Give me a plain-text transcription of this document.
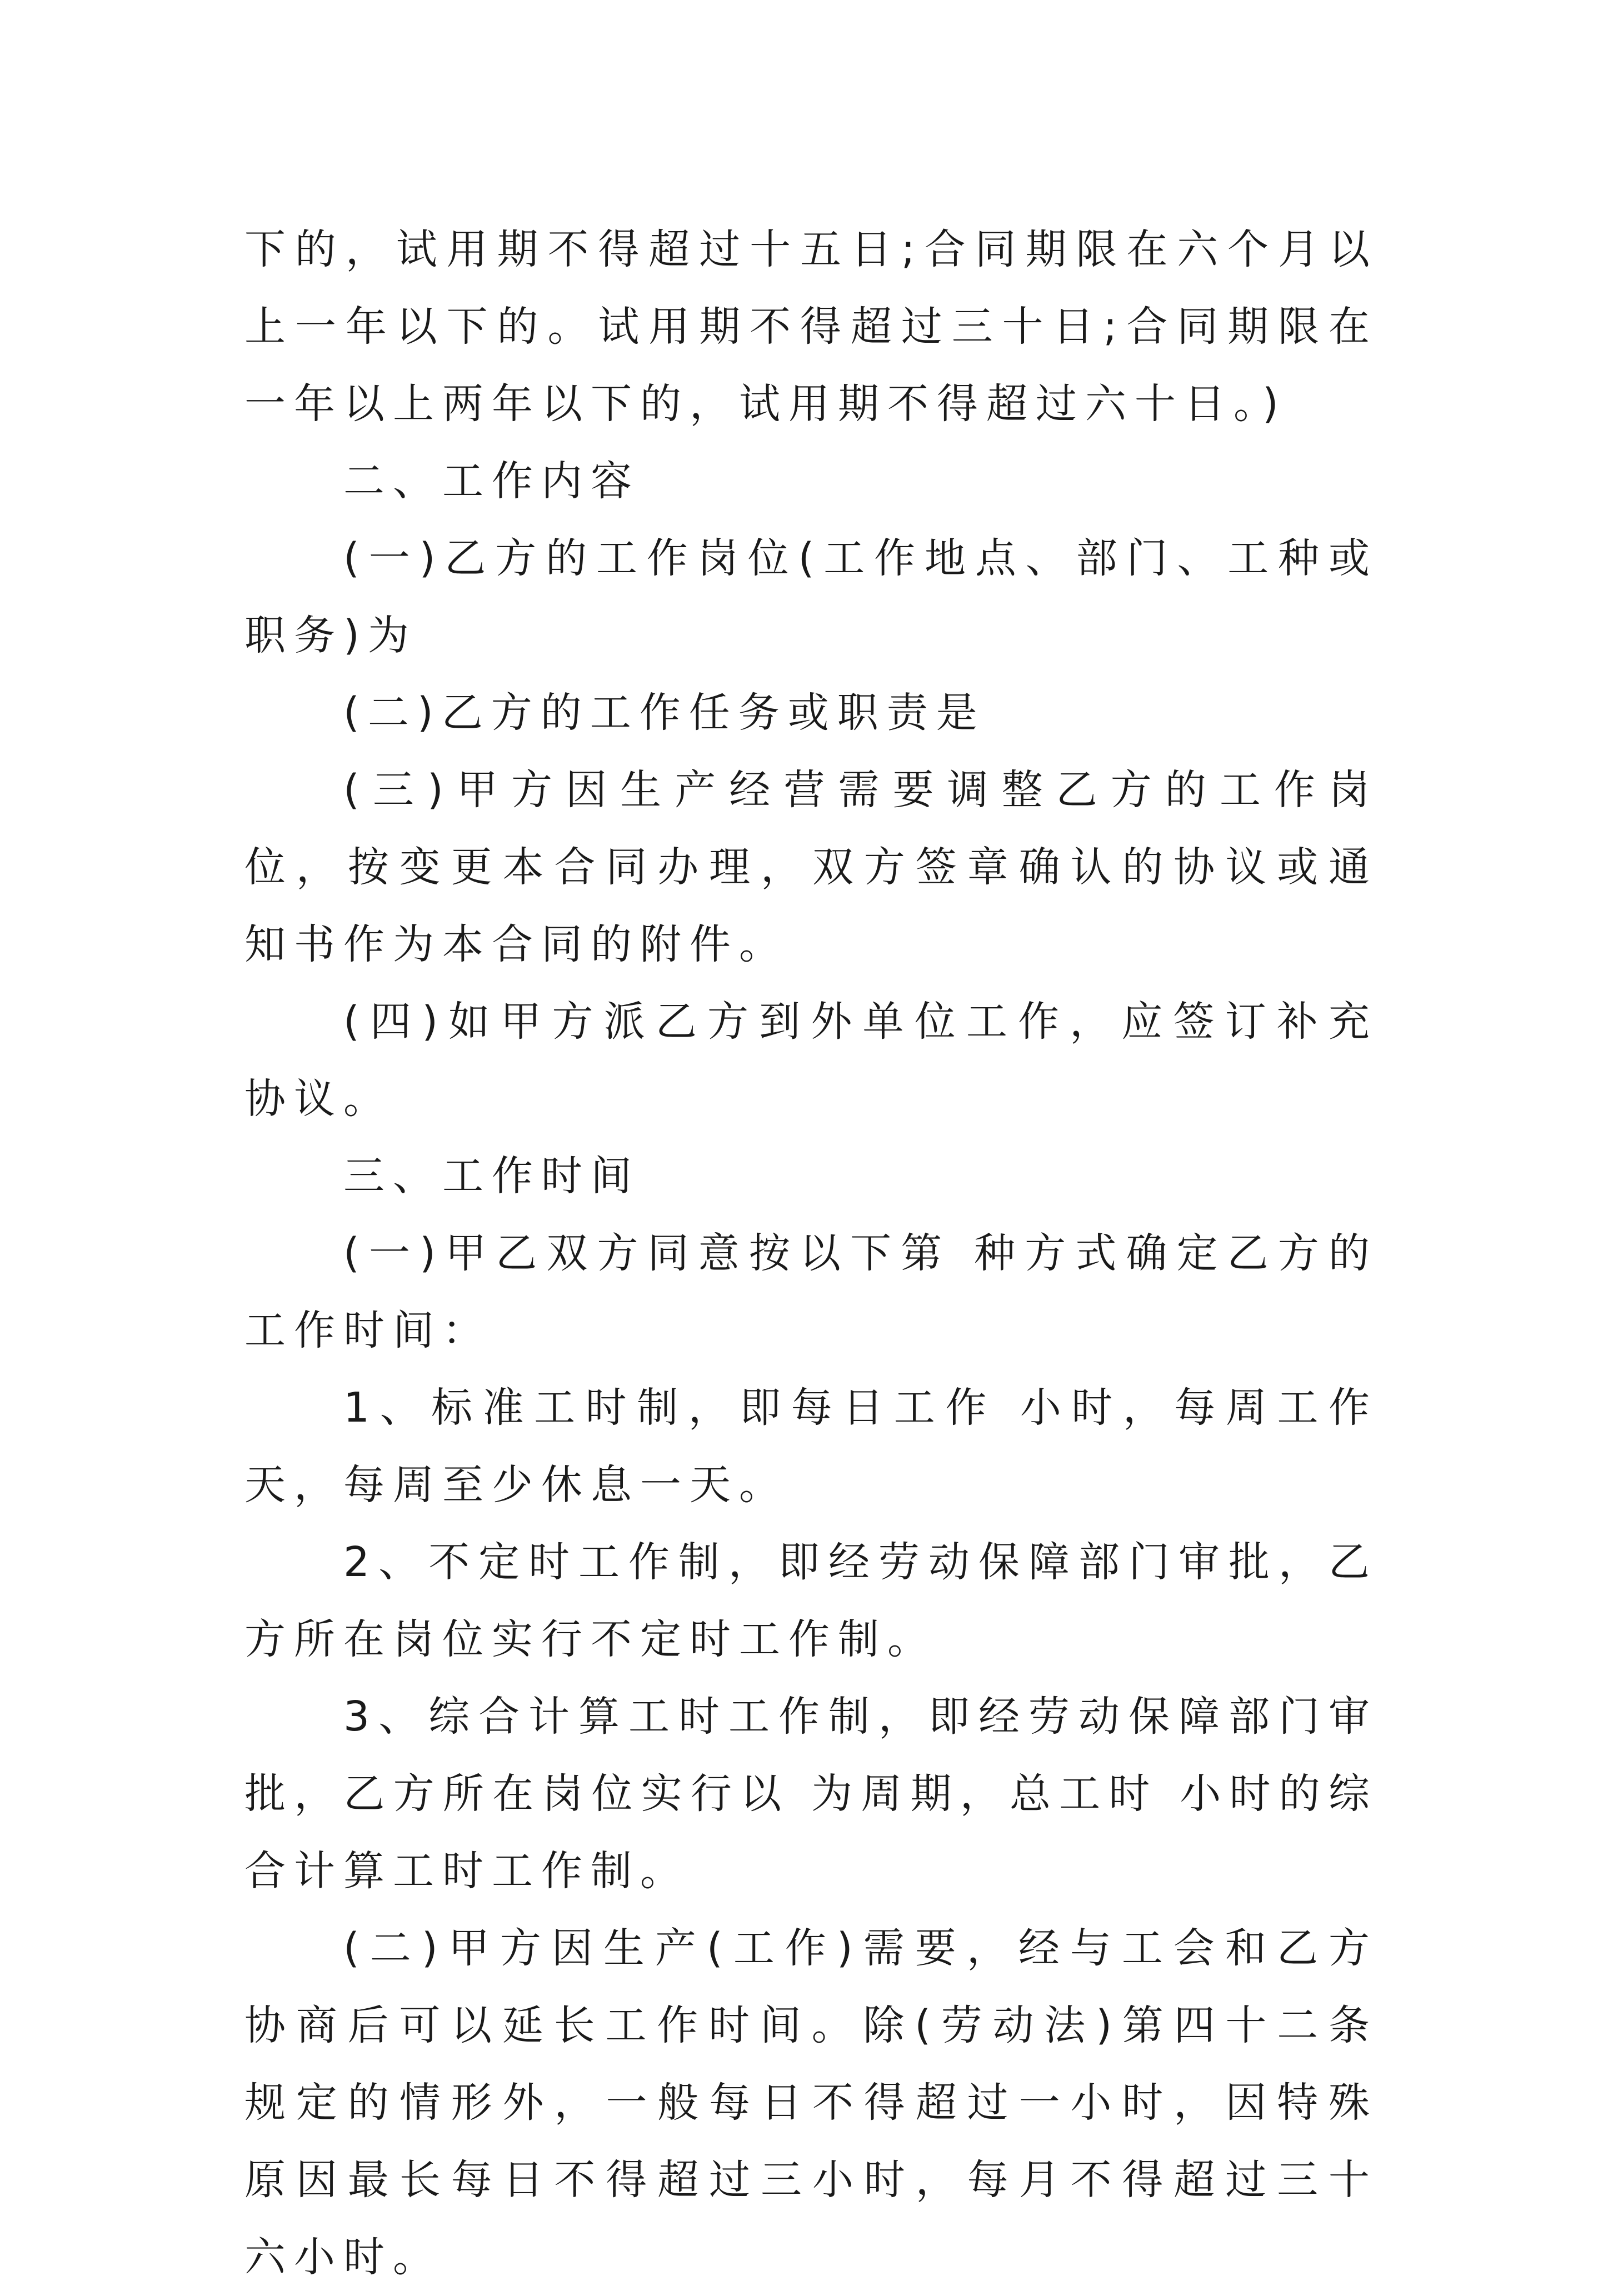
下的，试用期不得超过十五日;合同期限在六个月以上一年以下的。试用期不得超过三十日;合同期限在一年以上两年以下的，试用期不得超过六十日。)

二、工作内容

(一)乙方的工作岗位(工作地点、部门、工种或职务)为

(二)乙方的工作任务或职责是

(三)甲方因生产经营需要调整乙方的工作岗位，按变更本合同办理，双方签章确认的协议或通知书作为本合同的附件。

(四)如甲方派乙方到外单位工作，应签订补充协议。

三、工作时间

(一)甲乙双方同意按以下第 种方式确定乙方的工作时间：

1、标准工时制，即每日工作 小时，每周工作天，每周至少休息一天。

2、不定时工作制，即经劳动保障部门审批，乙方所在岗位实行不定时工作制。

3、综合计算工时工作制，即经劳动保障部门审批，乙方所在岗位实行以 为周期，总工时 小时的综合计算工时工作制。

(二)甲方因生产(工作)需要，经与工会和乙方协商后可以延长工作时间。除(劳动法)第四十二条规定的情形外，一般每日不得超过一小时，因特殊原因最长每日不得超过三小时，每月不得超过三十六小时。
